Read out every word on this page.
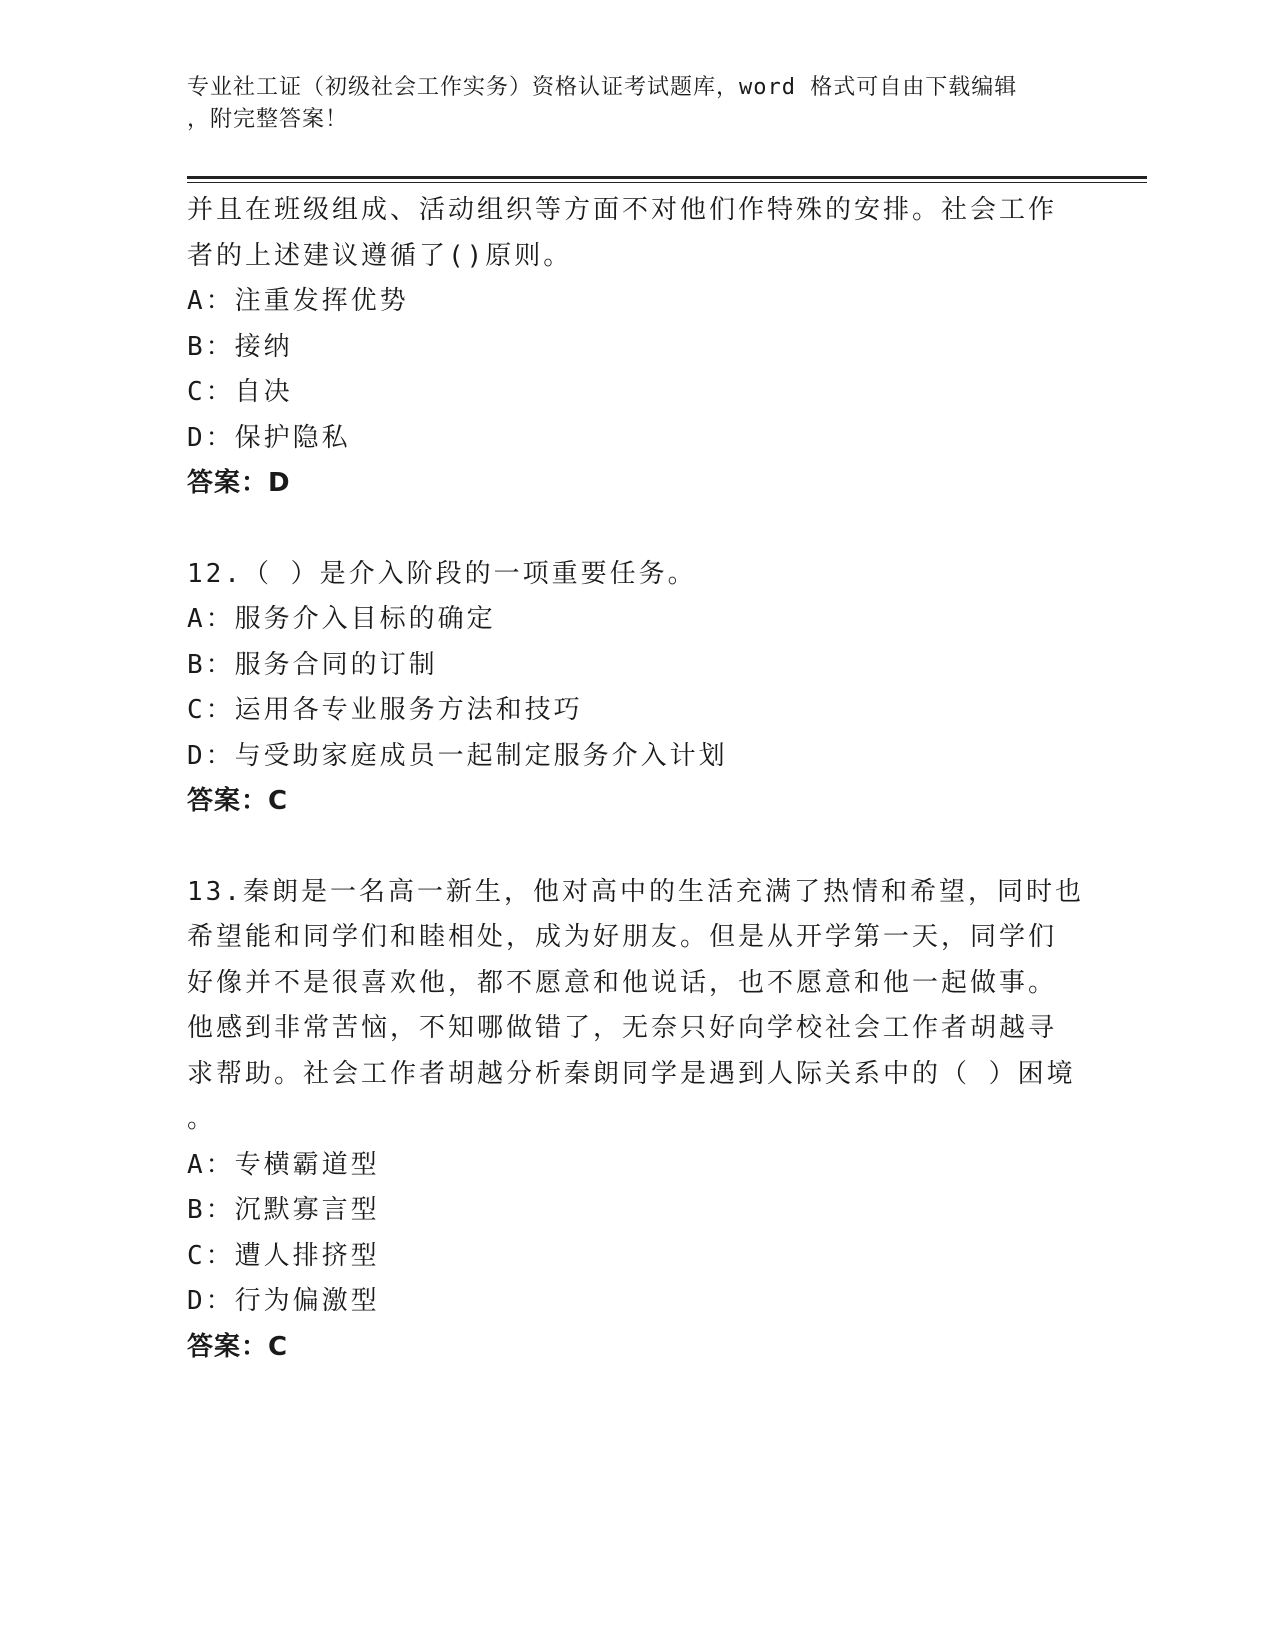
专业社工证（初级社会工作实务）资格认证考试题库，word 格式可自由下载编辑
，附完整答案！
并且在班级组成、活动组织等方面不对他们作特殊的安排。社会工作
者的上述建议遵循了()原则。
A：注重发挥优势
B：接纳
C：自决
D：保护隐私
答案：D
12.（ ）是介入阶段的一项重要任务。
A：服务介入目标的确定
B：服务合同的订制
C：运用各专业服务方法和技巧
D：与受助家庭成员一起制定服务介入计划
答案：C
13.秦朗是一名高一新生，他对高中的生活充满了热情和希望，同时也
希望能和同学们和睦相处，成为好朋友。但是从开学第一天，同学们
好像并不是很喜欢他，都不愿意和他说话，也不愿意和他一起做事。
他感到非常苦恼，不知哪做错了，无奈只好向学校社会工作者胡越寻
求帮助。社会工作者胡越分析秦朗同学是遇到人际关系中的（ ）困境
。
A：专横霸道型
B：沉默寡言型
C：遭人排挤型
D：行为偏激型
答案：C
